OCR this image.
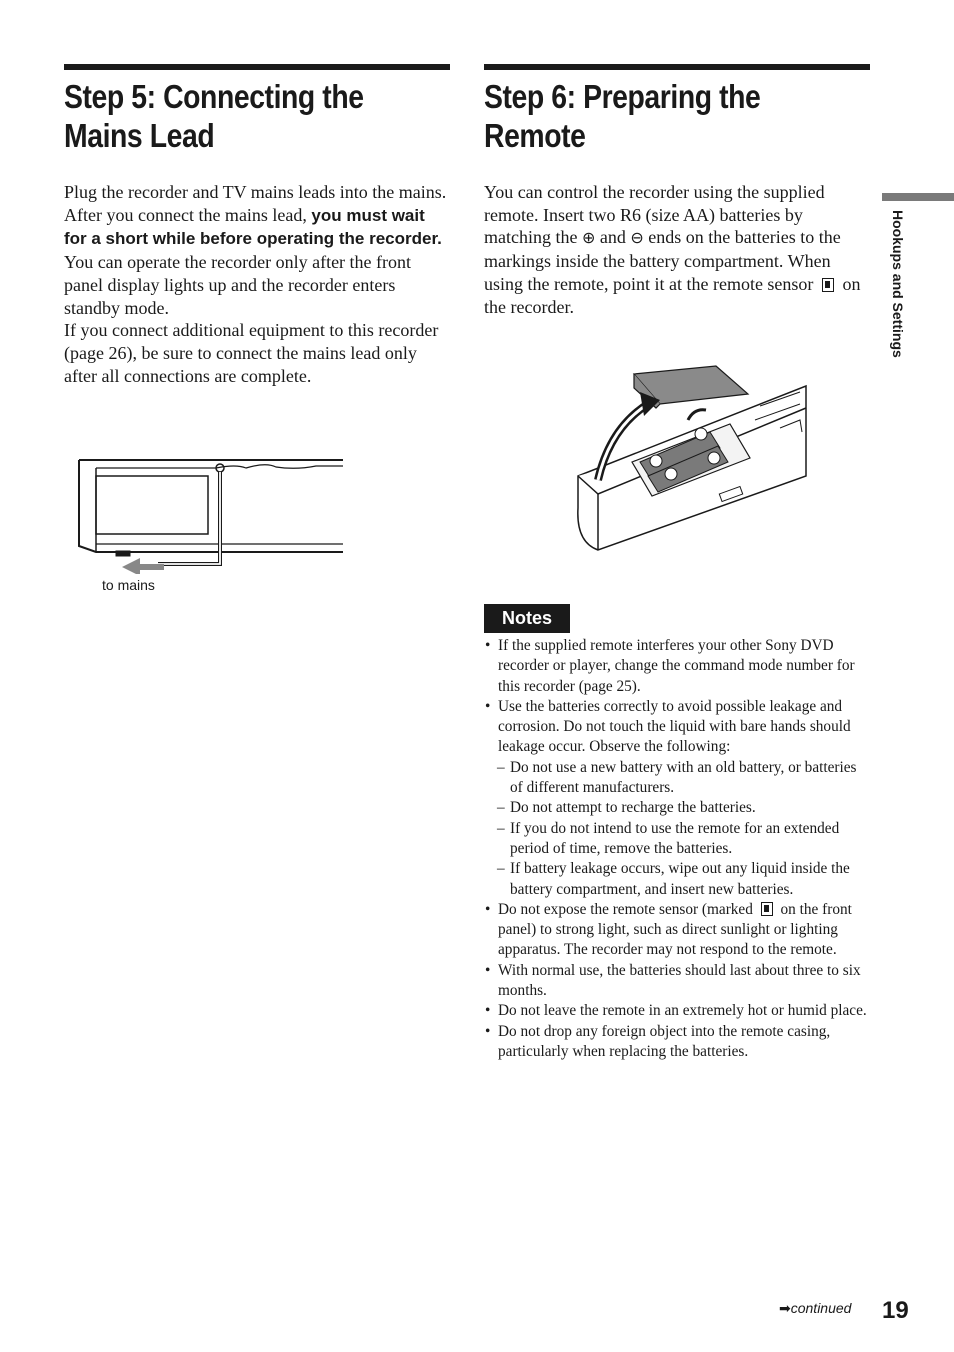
Step 5: Connecting the
Mains Lead

Plug the recorder and TV mains leads into the mains. After you connect the mains lead, you must wait for a short while before operating the recorder. You can operate the recorder only after the front panel display lights up and the recorder enters standby mode.

If you connect additional equipment to this recorder (page 26), be sure to connect the mains lead only after all connections are complete.

to mains
Step 6: Preparing the
Remote

You can control the recorder using the supplied remote. Insert two R6 (size AA) batteries by matching the ⊕ and ⊖ ends on the batteries to the markings inside the battery compartment. When using the remote, point it at the remote sensor  on the recorder.

Notes
• If the supplied remote interferes your other Sony DVD recorder or player, change the command mode number for this recorder (page 25).
• Use the batteries correctly to avoid possible leakage and corrosion. Do not touch the liquid with bare hands should leakage occur. Observe the following:
– Do not use a new battery with an old battery, or batteries of different manufacturers.
– Do not attempt to recharge the batteries.
– If you do not intend to use the remote for an extended period of time, remove the batteries.
– If battery leakage occurs, wipe out any liquid inside the battery compartment, and insert new batteries.
• Do not expose the remote sensor (marked  on the front panel) to strong light, such as direct sunlight or lighting apparatus. The recorder may not respond to the remote.
• With normal use, the batteries should last about three to six months.
• Do not leave the remote in an extremely hot or humid place.
• Do not drop any foreign object into the remote casing, particularly when replacing the batteries.
Hookups and Settings
➡continued 19
